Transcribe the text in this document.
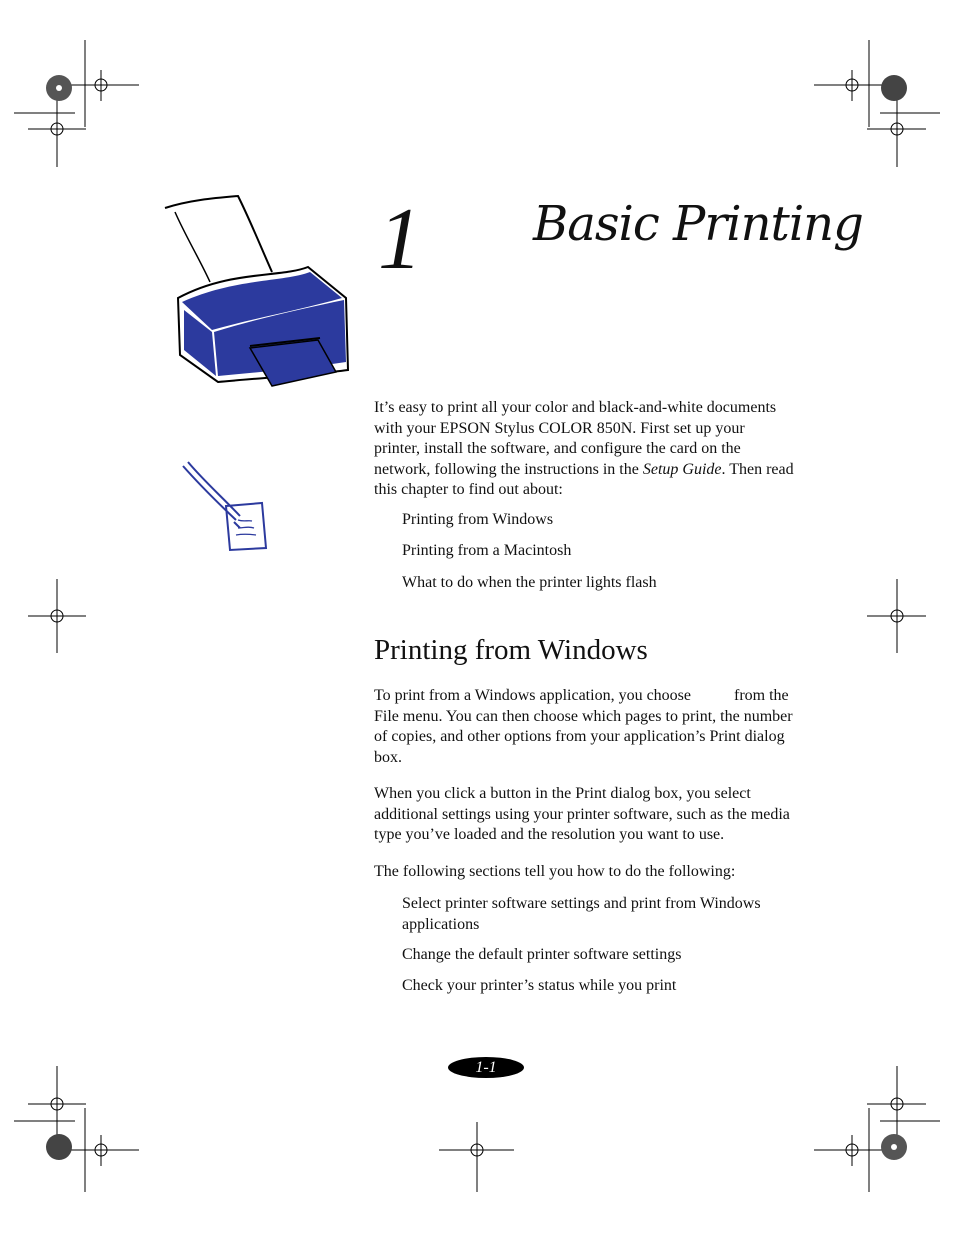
1 Basic Printing
It’s easy to print all your color and black-and-white documents with your EPSON Stylus COLOR 850N. First set up your printer, install the software, and configure the card on the network, following the instructions in the Setup Guide. Then read this chapter to find out about:
Printing from Windows
Printing from a Macintosh
What to do when the printer lights flash
Printing from Windows
To print from a Windows application, you choose	from the File menu. You can then choose which pages to print, the number of copies, and other options from your application’s Print dialog box.
When you click a button in the Print dialog box, you select additional settings using your printer software, such as the media type you’ve loaded and the resolution you want to use.
The following sections tell you how to do the following:
Select printer software settings and print from Windows applications
Change the default printer software settings
Check your printer’s status while you print
1-1
